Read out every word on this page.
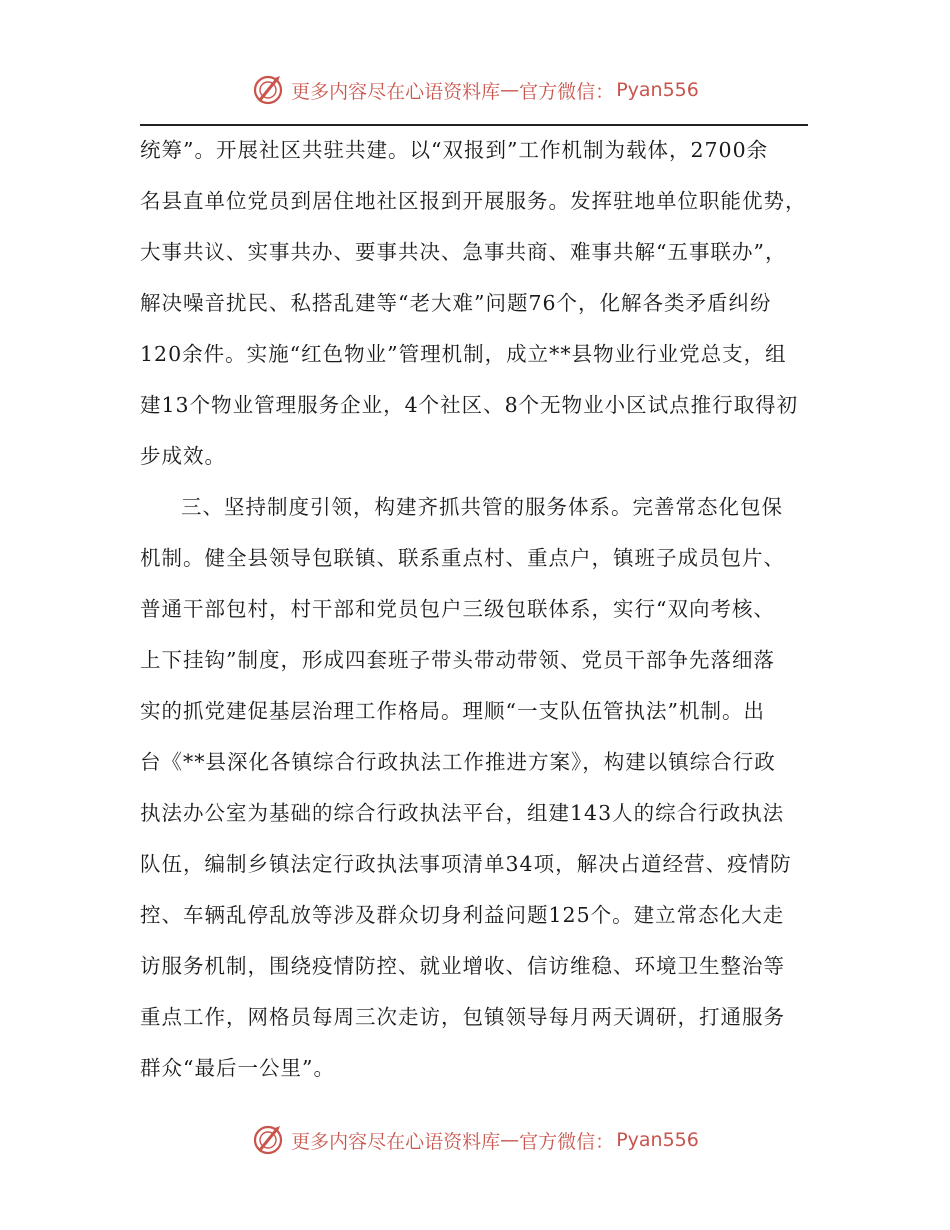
更多内容尽在心语资料库 — 官方微信： Pyan556
统筹”。开展社区共驻共建。以“双报到”工作机制为载体，2700余
名县直单位党员到居住地社区报到开展服务。发挥驻地单位职能优势，
大事共议、实事共办、要事共决、急事共商、难事共解“五事联办”，
解决噪音扰民、私搭乱建等“老大难”问题76个，化解各类矛盾纠纷
120余件。实施“红色物业”管理机制，成立**县物业行业党总支，组
建13个物业管理服务企业，4个社区、8个无物业小区试点推行取得初
步成效。
三、坚持制度引领，构建齐抓共管的服务体系。完善常态化包保
机制。健全县领导包联镇、联系重点村、重点户，镇班子成员包片、
普通干部包村，村干部和党员包户三级包联体系，实行“双向考核、
上下挂钩”制度，形成四套班子带头带动带领、党员干部争先落细落
实的抓党建促基层治理工作格局。理顺“一支队伍管执法”机制。出
台《**县深化各镇综合行政执法工作推进方案》，构建以镇综合行政
执法办公室为基础的综合行政执法平台，组建143人的综合行政执法
队伍，编制乡镇法定行政执法事项清单34项，解决占道经营、疫情防
控、车辆乱停乱放等涉及群众切身利益问题125个。建立常态化大走
访服务机制，围绕疫情防控、就业增收、信访维稳、环境卫生整治等
重点工作，网格员每周三次走访，包镇领导每月两天调研，打通服务
群众“最后一公里”。
更多内容尽在心语资料库 — 官方微信： Pyan556
